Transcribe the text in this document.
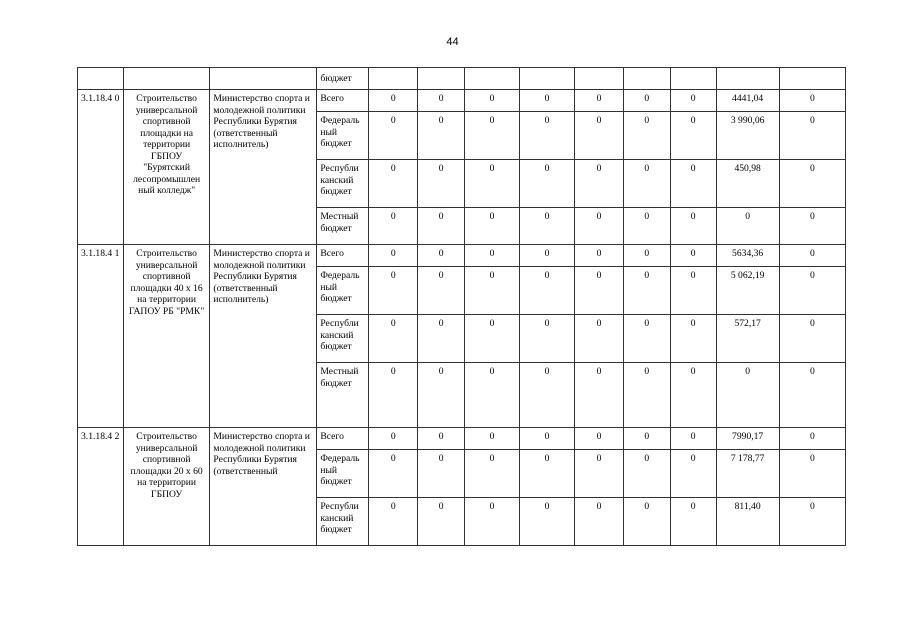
44
			бюджет									
3.1.18.4 0	Строительство универсальной спортивной площадки на территории ГБПОУ "Бурятский лесопромышлен ный колледж"	Министерство спорта и молодежной политики Республики Бурятия (ответственный исполнитель)	Всего	0	0	0	0	0	0	0	4441,04	0
			Федераль ный бюджет	0	0	0	0	0	0	0	3 990,06	0
			Республи канский бюджет	0	0	0	0	0	0	0	450,98	0
			Местный бюджет	0	0	0	0	0	0	0	0	0
3.1.18.4 1	Строительство универсальной спортивной площадки 40 х 16 на территории ГАПОУ РБ "РМК"	Министерство спорта и молодежной политики Республики Бурятия (ответственный исполнитель)	Всего	0	0	0	0	0	0	0	5634,36	0
			Федераль ный бюджет	0	0	0	0	0	0	0	5 062,19	0
			Республи канский бюджет	0	0	0	0	0	0	0	572,17	0
			Местный бюджет	0	0	0	0	0	0	0	0	0
3.1.18.4 2	Строительство универсальной спортивной площадки 20 х 60 на территории ГБПОУ	Министерство спорта и молодежной политики Республики Бурятия (ответственный	Всего	0	0	0	0	0	0	0	7990,17	0
			Федераль ный бюджет	0	0	0	0	0	0	0	7 178,77	0
			Республи канский бюджет	0	0	0	0	0	0	0	811,40	0
